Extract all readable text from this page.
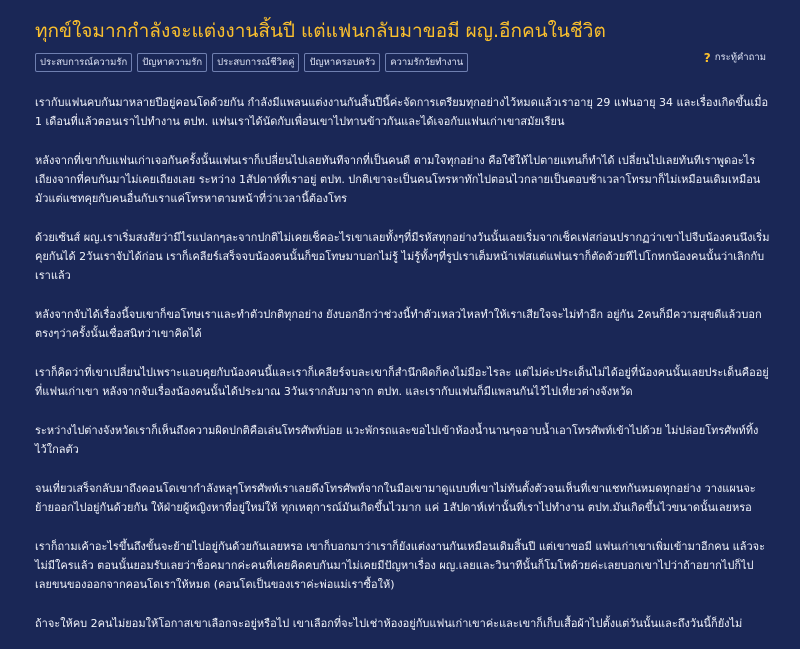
ทุกข์ใจมากกำลังจะแต่งงานสิ้นปี แต่แฟนกลับมาขอมี ผญ.อีกคนในชีวิต
ประสบการณ์ความรัก	ปัญหาความรัก	ประสบการณ์ชีวิตคู่	ปัญหาครอบครัว	ความรักวัยทำงาน	? กระทู้คำถาม

เรากับแฟนคบกันมาหลายปีอยู่คอนโดด้วยกัน กำลังมีแพลนแต่งงานกันสิ้นปีนี้ค่ะจัดการเตรียมทุกอย่างไว้หมดแล้วเราอายุ 29 แฟนอายุ 34 และเรื่องเกิดขึ้นเมื่อ 1 เดือนที่แล้วตอนเราไปทำงาน ตปท. แฟนเราได้นัดกับเพื่อนเขาไปทานข้าวกันและได้เจอกับแฟนเก่าเขาสมัยเรียน

หลังจากที่เขากับแฟนเก่าเจอกันครั้งนั้นแฟนเราก็เปลี่ยนไปเลยทันทีจากที่เป็นคนดี ตามใจทุกอย่าง คือใช้ให้ไปตายแทนก็ทำได้ เปลี่ยนไปเลยทันทีเราพูดอะไรเถียงจากที่คบกันมาไม่เคยเถียงเลย ระหว่าง 1สัปดาห์ที่เราอยู่ ตปท. ปกติเขาจะเป็นคนโทรหาทักไปตอนไวกลายเป็นตอบช้าเวลาโทรมาก็ไม่เหมือนเดิมเหมือนมัวแต่แชทคุยกับคนอื่นกับเราแค่โทรหาตามหน้าที่ว่าเวลานี้ต้องโทร

ด้วยเซ้นส์ ผญ.เราเริ่มสงสัยว่ามีไรแปลกๆละจากปกติไม่เคยเช็คอะไรเขาเลยทั้งๆที่มีรหัสทุกอย่างวันนั้นเลยเริ่มจากเช็คเฟสก่อนปรากฏว่าเขาไปจีบน้องคนนึงเริ่มคุยกันได้ 2วันเราจับได้ก่อน เราก็เคลียร์เสร็จจบน้องคนนั้นก็ขอโทษมาบอกไม่รู้ ไม่รู้ทั้งๆที่รูปเราเต็มหน้าเฟสแต่แฟนเราก็ตัดด้วยทีไปโกหกน้องคนนั้นว่าเลิกกับเราแล้ว

หลังจากจับได้เรื่องนี้จบเขาก็ขอโทษเราและทำตัวปกติทุกอย่าง ยังบอกอีกว่าช่วงนี้ทำตัวเหลวไหลทำให้เราเสียใจจะไม่ทำอีก อยู่กัน 2คนก็มีความสุขดีแล้วบอกตรงๆว่าครั้งนั้นเชื่อสนิทว่าเขาคิดได้

เราก็คิดว่าที่เขาเปลี่ยนไปเพราะแอบคุยกับน้องคนนี้และเราก็เคลียร์จบละเขาก็สำนึกผิดก็คงไม่มีอะไรละ แต่ไม่ค่ะประเด็นไม่ได้อยู่ที่น้องคนนั้นเลยประเด็นคืออยู่ที่แฟนเก่าเขา หลังจากจับเรื่องน้องคนนั้นได้ประมาณ 3วันเรากลับมาจาก ตปท. และเรากับแฟนก็มีแพลนกันไว้ไปเที่ยวต่างจังหวัด

ระหว่างไปต่างจังหวัดเราก็เห็นถึงความผิดปกติคือเล่นโทรศัพท์บ่อย แวะพักรถและขอไปเข้าห้องน้ำนานๆจอาบน้ำเอาโทรศัพท์เข้าไปด้วย ไม่ปล่อยโทรศัพท์ทิ้งไว้ใกลตัว

จนเที่ยวเสร็จกลับมาถึงคอนโดเขากำลังหลุๆโทรศัพท์เราเลยดึงโทรศัพท์จากในมือเขามาดูแบบที่เขาไม่ทันตั้งตัวจนเห็นที่เขาแชทกันหมดทุกอย่าง วางแผนจะย้ายออกไปอยู่กันด้วยกัน ให้ฝ่ายผู้หญิงหาที่อยู่ใหม่ให้ ทุกเหตุการณ์มันเกิดขึ้นไวมาก แค่ 1สัปดาห์เท่านั้นที่เราไปทำงาน ตปท.มันเกิดขึ้นไวขนาดนั้นเลยหรอ

เราก็ถามเค้าอะไรขึ้นถึงขั้นจะย้ายไปอยู่กันด้วยกันเลยหรอ เขาก็บอกมาว่าเราก็ยังแต่งงานกันเหมือนเดิมสิ้นปี แต่เขาขอมี แฟนเก่าเขาเพิ่มเข้ามาอีกคน แล้วจะไม่มีใครแล้ว ตอนนั้นยอมรับเลยว่าช็อคมากค่ะคนที่เคยคิดคบกันมาไม่เคยมีปัญหาเรื่อง ผญ.เลยและวินาทีนั้นก็โมโหด้วยค่ะเลยบอกเขาไปว่าถ้าอยากไปก็ไปเลยขนของออกจากคอนโดเราให้หมด (คอนโดเป็นของเราค่ะพ่อแม่เราซื้อให้)

ถ้าจะให้คบ 2คนไม่ยอมให้โอกาสเขาเลือกจะอยู่หรือไป เขาเลือกที่จะไปเช่าห้องอยู่กับแฟนเก่าเขาค่ะและเขาก็เก็บเสื้อผ้าไปตั้งแต่วันนั้นและถึงวันนี้ก็ยังไม่
